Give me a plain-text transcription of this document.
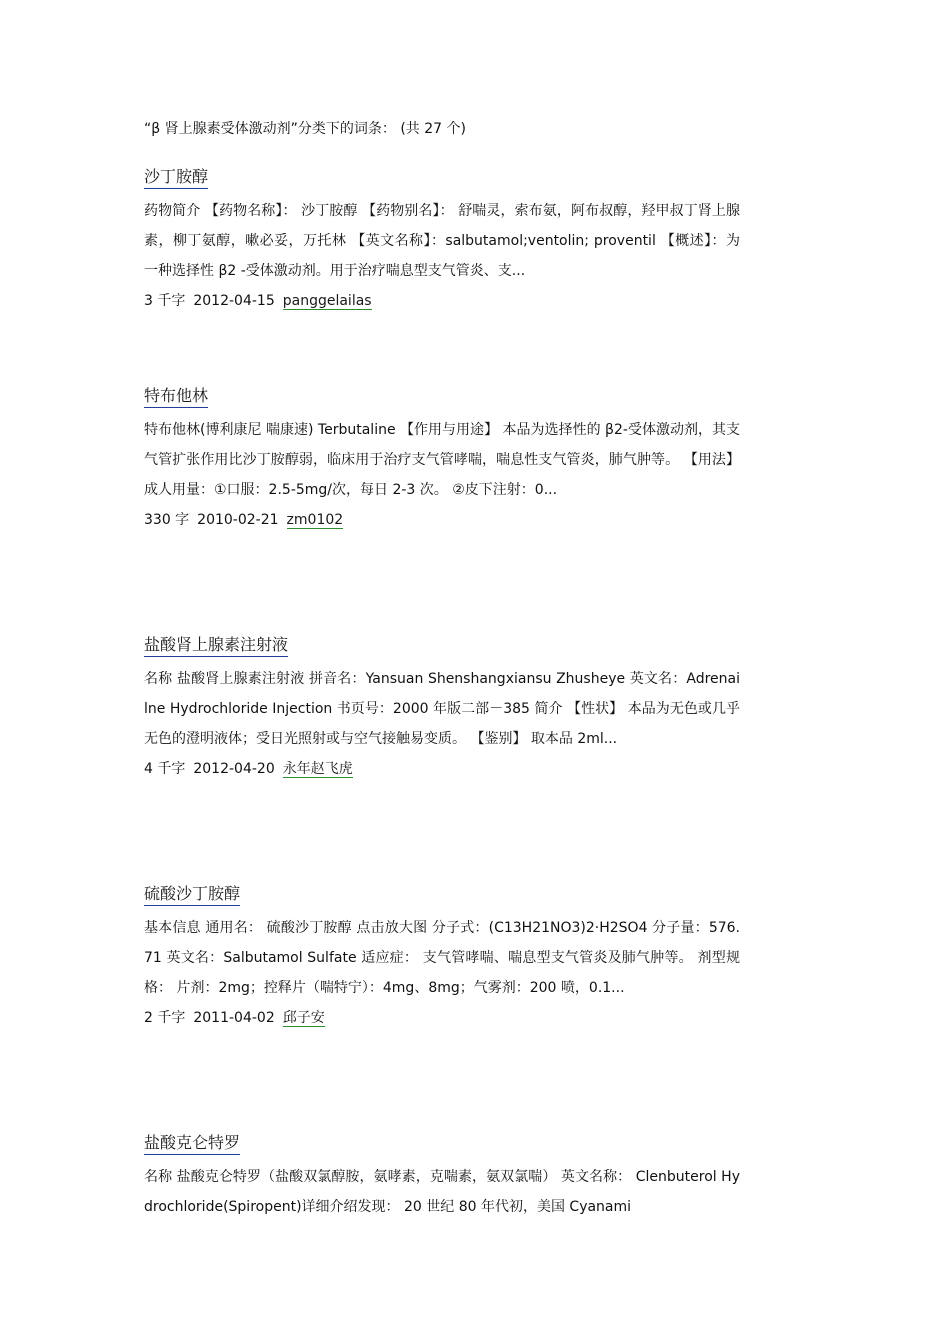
“β 肾上腺素受体激动剂”分类下的词条： (共 27 个)
沙丁胺醇
药物简介 【药物名称】： 沙丁胺醇 【药物别名】： 舒喘灵，索布氨，阿布叔醇，羟甲叔丁肾上腺素，柳丁氨醇，嗽必妥，万托林 【英文名称】：salbutamol;ventolin; proventil 【概述】：为一种选择性 β2 -受体激动剂。用于治疗喘息型支气管炎、支...
3 千字 2012-04-15 panggelailas
特布他林
特布他林(博利康尼 喘康速) Terbutaline 【作用与用途】 本品为选择性的 β2-受体激动剂，其支气管扩张作用比沙丁胺醇弱，临床用于治疗支气管哮喘，喘息性支气管炎，肺气肿等。 【用法】 成人用量：①口服：2.5-5mg/次，每日 2-3 次。 ②皮下注射：0...
330 字 2010-02-21 zm0102
盐酸肾上腺素注射液
名称 盐酸肾上腺素注射液 拼音名：Yansuan Shenshangxiansu Zhusheye 英文名：Adrenailne Hydrochloride Injection 书页号：2000 年版二部－385 简介 【性状】 本品为无色或几乎无色的澄明液体；受日光照射或与空气接触易变质。 【鉴别】 取本品 2ml...
4 千字 2012-04-20 永年赵飞虎
硫酸沙丁胺醇
基本信息 通用名： 硫酸沙丁胺醇 点击放大图 分子式：(C13H21NO3)2·H2SO4 分子量：576.71 英文名：Salbutamol Sulfate 适应症： 支气管哮喘、喘息型支气管炎及肺气肿等。 剂型规格： 片剂：2mg；控释片（喘特宁）：4mg、8mg；气雾剂：200 喷，0.1...
2 千字 2011-04-02 邱子安
盐酸克仑特罗
名称 盐酸克仑特罗（盐酸双氯醇胺，氨哮素，克喘素，氨双氯喘） 英文名称： Clenbuterol Hydrochloride(Spiropent)详细介绍发现： 20 世纪 80 年代初，美国 Cyanami
